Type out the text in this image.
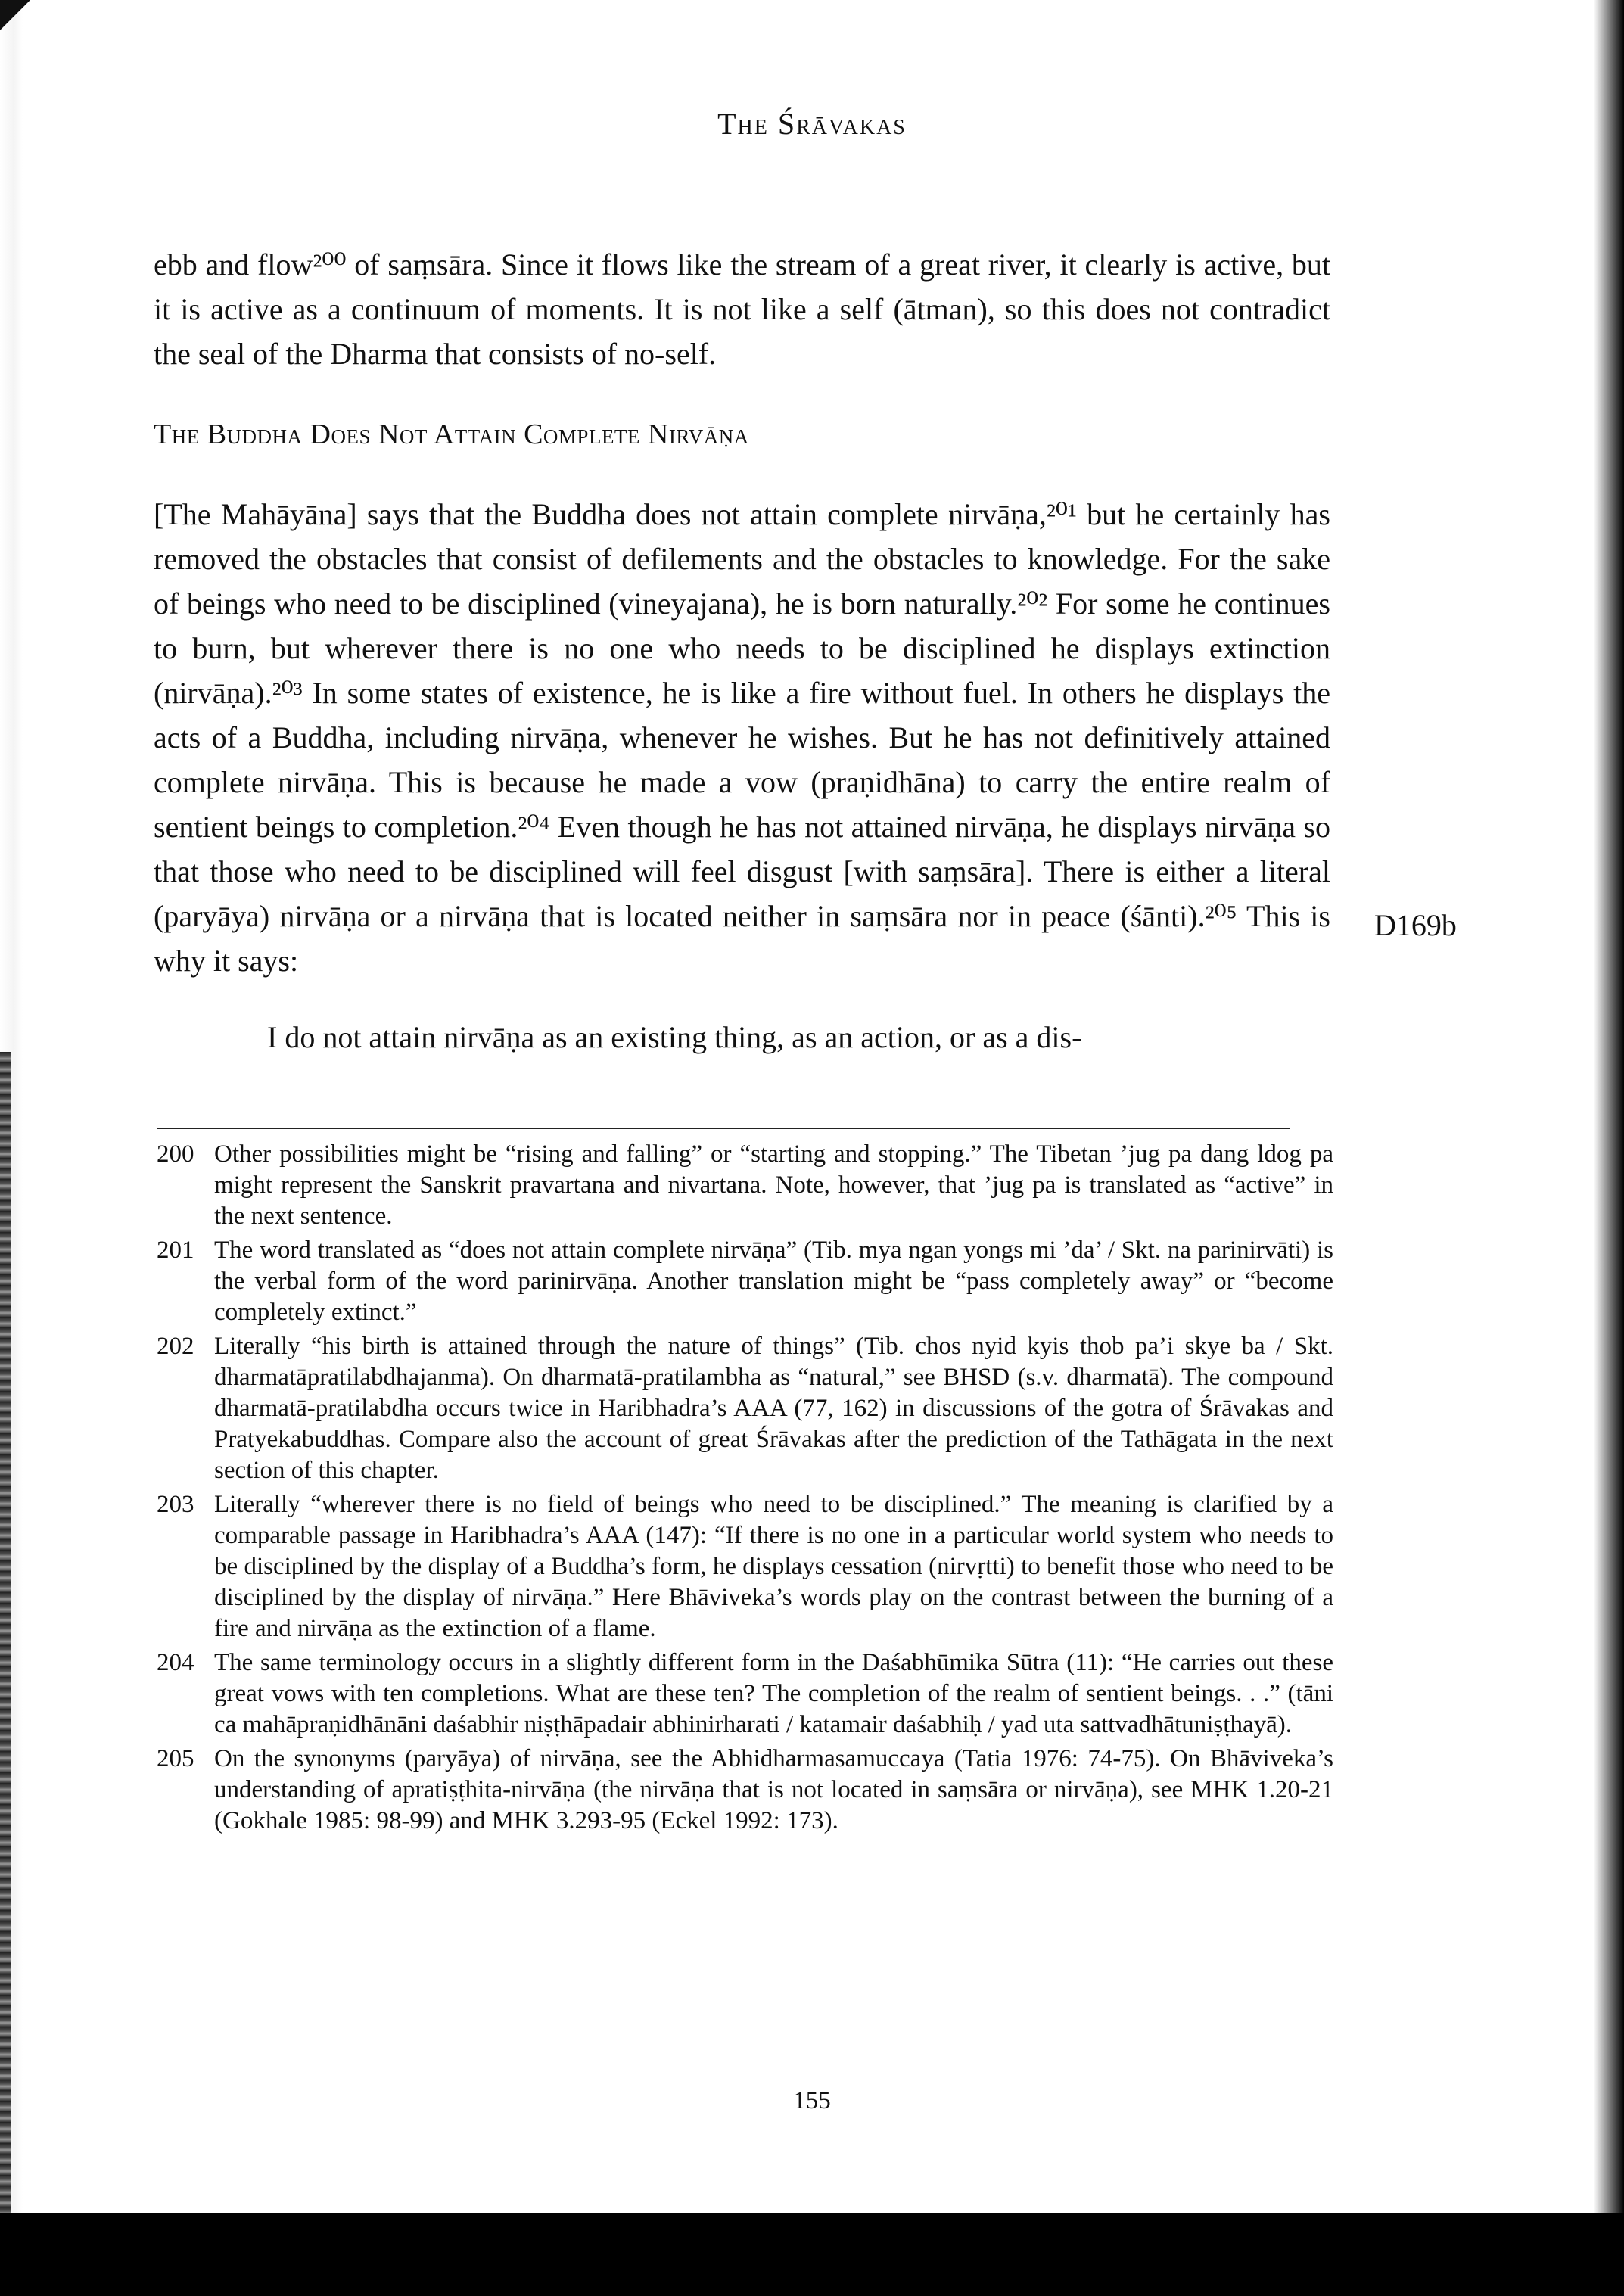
The Śrāvakas

ebb and flow²⁰⁰ of saṃsāra. Since it flows like the stream of a great river, it clearly is active, but it is active as a continuum of moments. It is not like a self (ātman), so this does not contradict the seal of the Dharma that consists of no-self.

The Buddha Does Not Attain Complete Nirvāṇa

[The Mahāyāna] says that the Buddha does not attain complete nirvāṇa,²⁰¹ but he certainly has removed the obstacles that consist of defilements and the obstacles to knowledge. For the sake of beings who need to be disciplined (vineyajana), he is born naturally.²⁰² For some he continues to burn, but wherever there is no one who needs to be disciplined he displays extinction (nirvāṇa).²⁰³ In some states of existence, he is like a fire without fuel. In others he displays the acts of a Buddha, including nirvāṇa, whenever he wishes. But he has not definitively attained complete nirvāṇa. This is because he made a vow (praṇidhāna) to carry the entire realm of sentient beings to completion.²⁰⁴ Even though he has not attained nirvāṇa, he displays nirvāṇa so that those who need to be disciplined will feel disgust [with saṃsāra]. There is either a literal (paryāya) nirvāṇa or a nirvāṇa that is located neither in saṃsāra nor in peace (śānti).²⁰⁵ This is why it says:

I do not attain nirvāṇa as an existing thing, as an action, or as a dis-

D169b
200 Other possibilities might be “rising and falling” or “starting and stopping.” The Tibetan ’jug pa dang ldog pa might represent the Sanskrit pravartana and nivartana. Note, however, that ’jug pa is translated as “active” in the next sentence.
201 The word translated as “does not attain complete nirvāṇa” (Tib. mya ngan yongs mi ’da’ / Skt. na parinirvāti) is the verbal form of the word parinirvāṇa. Another translation might be “pass completely away” or “become completely extinct.”
202 Literally “his birth is attained through the nature of things” (Tib. chos nyid kyis thob pa’i skye ba / Skt. dharmatāpratilabdhajanma). On dharmatā-pratilambha as “natural,” see BHSD (s.v. dharmatā). The compound dharmatā-pratilabdha occurs twice in Haribhadra’s AAA (77, 162) in discussions of the gotra of Śrāvakas and Pratyekabuddhas. Compare also the account of great Śrāvakas after the prediction of the Tathāgata in the next section of this chapter.
203 Literally “wherever there is no field of beings who need to be disciplined.” The meaning is clarified by a comparable passage in Haribhadra’s AAA (147): “If there is no one in a particular world system who needs to be disciplined by the display of a Buddha’s form, he displays cessation (nirvṛtti) to benefit those who need to be disciplined by the display of nirvāṇa.” Here Bhāviveka’s words play on the contrast between the burning of a fire and nirvāṇa as the extinction of a flame.
204 The same terminology occurs in a slightly different form in the Daśabhūmika Sūtra (11): “He carries out these great vows with ten completions. What are these ten? The completion of the realm of sentient beings. . .” (tāni ca mahāpraṇidhānāni daśabhir niṣṭhāpadair abhinirharati / katamair daśabhiḥ / yad uta sattvadhātuniṣṭhayā).
205 On the synonyms (paryāya) of nirvāṇa, see the Abhidharmasamuccaya (Tatia 1976: 74-75). On Bhāviveka’s understanding of apratiṣṭhita-nirvāṇa (the nirvāṇa that is not located in saṃsāra or nirvāṇa), see MHK 1.20-21 (Gokhale 1985: 98-99) and MHK 3.293-95 (Eckel 1992: 173).
155
